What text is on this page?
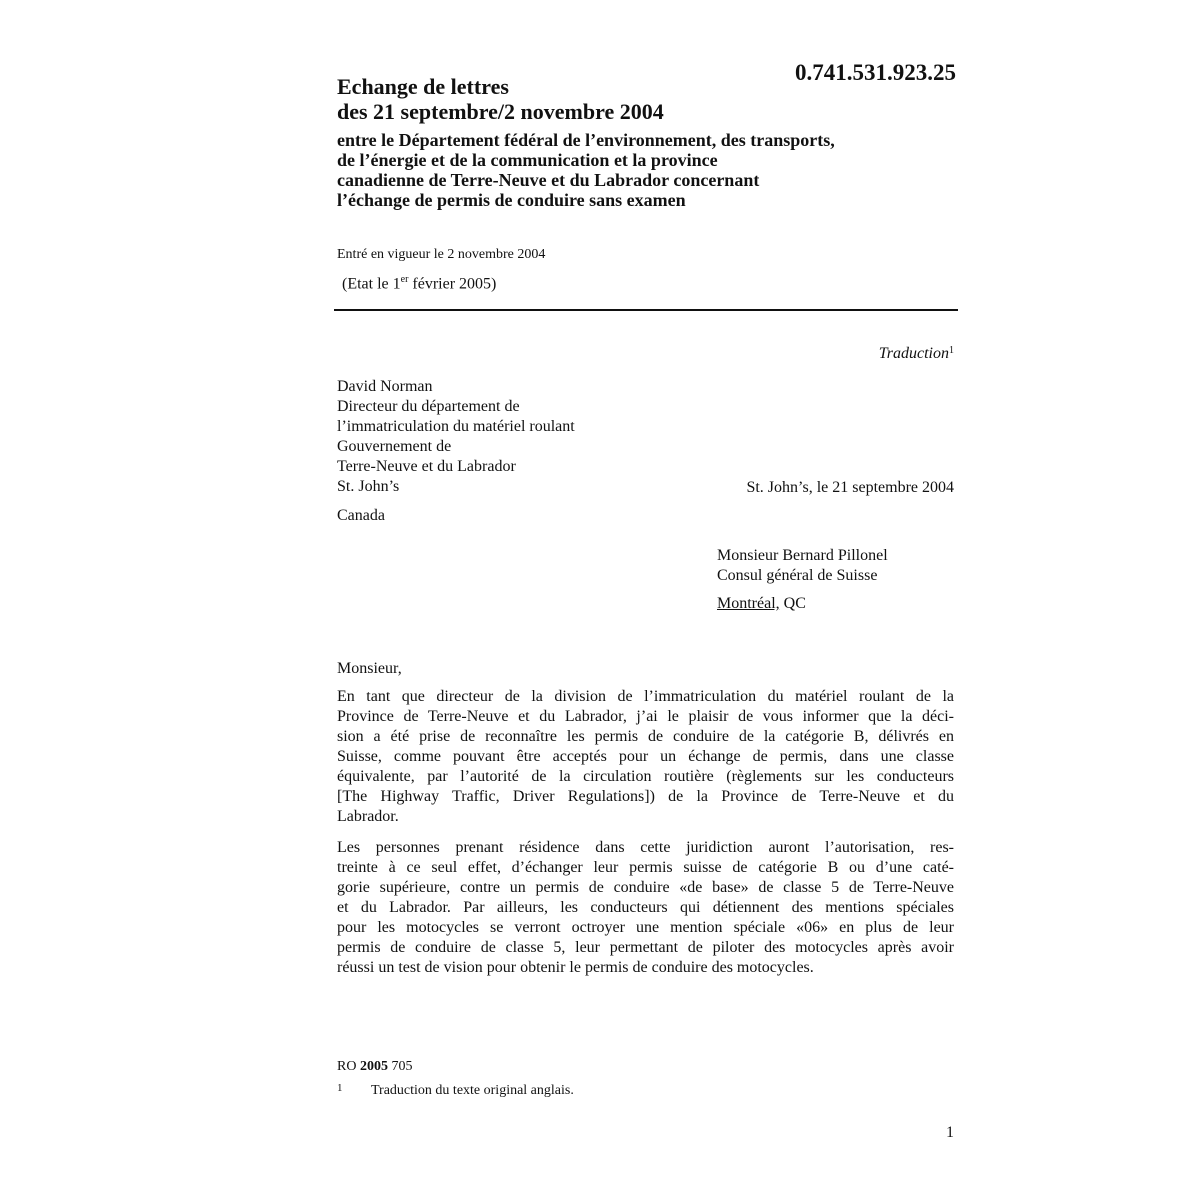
0.741.531.923.25
Echange de lettres
des 21 septembre/2 novembre 2004
entre le Département fédéral de l’environnement, des transports,
de l’énergie et de la communication et la province
canadienne de Terre-Neuve et du Labrador concernant
l’échange de permis de conduire sans examen
Entré en vigueur le 2 novembre 2004
(Etat le 1er février 2005)
Traduction$^1$
David Norman
Directeur du département de
l’immatriculation du matériel roulant
Gouvernement de
Terre-Neuve et du Labrador
St. John’s
Canada
St. John’s, le 21 septembre 2004
Monsieur Bernard Pillonel
Consul général de Suisse
Montréal, QC
Monsieur,
En tant que directeur de la division de l’immatriculation du matériel roulant de la
Province de Terre-Neuve et du Labrador, j’ai le plaisir de vous informer que la déci-
sion a été prise de reconnaître les permis de conduire de la catégorie B, délivrés en
Suisse, comme pouvant être acceptés pour un échange de permis, dans une classe
équivalente, par l’autorité de la circulation routière (règlements sur les conducteurs
[The Highway Traffic, Driver Regulations]) de la Province de Terre-Neuve et du
Labrador.
Les personnes prenant résidence dans cette juridiction auront l’autorisation, res-
treinte à ce seul effet, d’échanger leur permis suisse de catégorie B ou d’une caté-
gorie supérieure, contre un permis de conduire «de base» de classe 5 de Terre-Neuve
et du Labrador. Par ailleurs, les conducteurs qui détiennent des mentions spéciales
pour les motocycles se verront octroyer une mention spéciale «06» en plus de leur
permis de conduire de classe 5, leur permettant de piloter des motocycles après avoir
réussi un test de vision pour obtenir le permis de conduire des motocycles.
RO 2005 705
1 Traduction du texte original anglais.
1
